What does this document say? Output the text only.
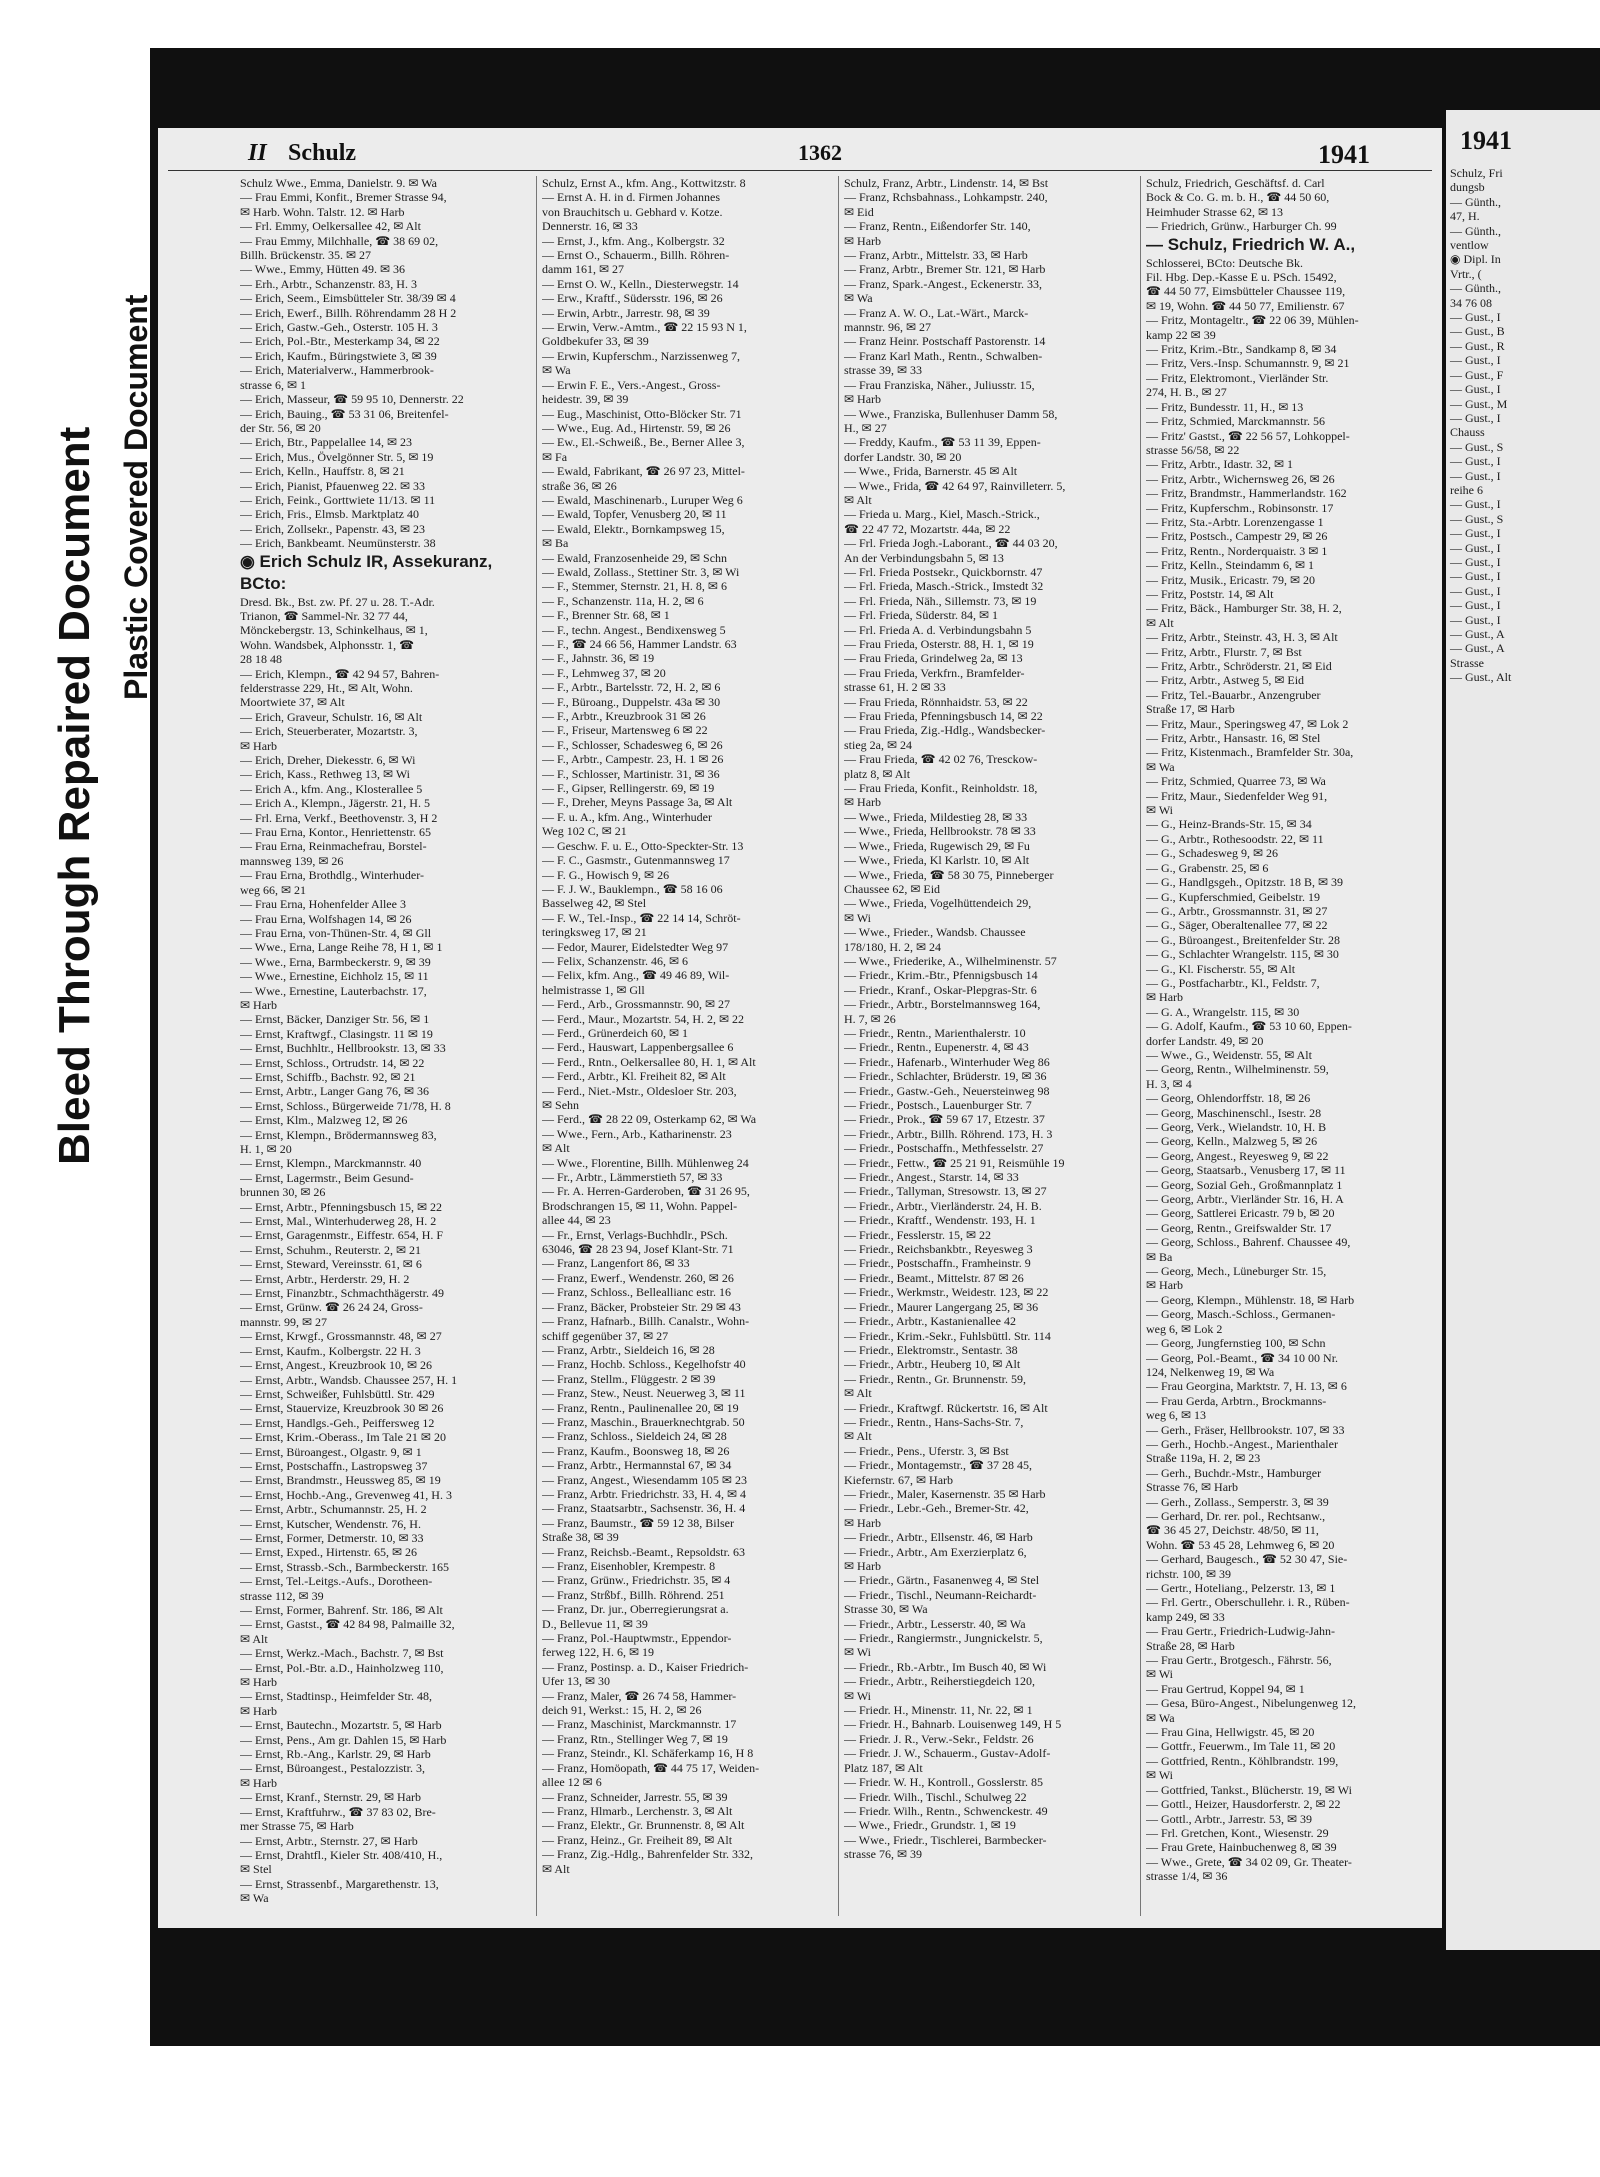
Bleed Through Repaired Document Plastic Covered Document
II Schulz	1362	1941

Schulz Wwe., Emma, Danielstr. 9. ✉ Wa

— Frau Emmi, Konfit., Bremer Strasse 94,

✉ Harb. Wohn. Talstr. 12. ✉ Harb

— Frl. Emmy, Oelkersallee 42, ✉ Alt

— Frau Emmy, Milchhalle, ☎ 38 69 02,

Billh. Brückenstr. 35. ✉ 27

— Wwe., Emmy, Hütten 49. ✉ 36

— Erh., Arbtr., Schanzenstr. 83, H. 3

— Erich, Seem., Eimsbütteler Str. 38/39 ✉ 4

— Erich, Ewerf., Billh. Röhrendamm 28 H 2

— Erich, Gastw.-Geh., Osterstr. 105 H. 3

— Erich, Pol.-Btr., Mesterkamp 34, ✉ 22

— Erich, Kaufm., Büringstwiete 3, ✉ 39

— Erich, Materialverw., Hammerbrook-

strasse 6, ✉ 1

— Erich, Masseur, ☎ 59 95 10, Dennerstr. 22

— Erich, Bauing., ☎ 53 31 06, Breitenfel-

der Str. 56, ✉ 20

— Erich, Btr., Pappelallee 14, ✉ 23

— Erich, Mus., Övelgönner Str. 5, ✉ 19

— Erich, Kelln., Hauffstr. 8, ✉ 21

— Erich, Pianist, Pfauenweg 22. ✉ 33

— Erich, Feink., Gorttwiete 11/13. ✉ 11

— Erich, Fris., Elmsb. Marktplatz 40

— Erich, Zollsekr., Papenstr. 43, ✉ 23

— Erich, Bankbeamt. Neumünsterstr. 38

◉ Erich Schulz IR, Assekuranz, BCto:

Dresd. Bk., Bst. zw. Pf. 27 u. 28. T.-Adr.

Trianon, ☎ Sammel-Nr. 32 77 44,

Mönckebergstr. 13, Schinkelhaus, ✉ 1,

Wohn. Wandsbek, Alphonsstr. 1, ☎

28 18 48

— Erich, Klempn., ☎ 42 94 57, Bahren-

felderstrasse 229, Ht., ✉ Alt, Wohn.

Moortwiete 37, ✉ Alt

— Erich, Graveur, Schulstr. 16, ✉ Alt

— Erich, Steuerberater, Mozartstr. 3,

✉ Harb

— Erich, Dreher, Diekesstr. 6, ✉ Wi

— Erich, Kass., Rethweg 13, ✉ Wi

— Erich A., kfm. Ang., Klosterallee 5

— Erich A., Klempn., Jägerstr. 21, H. 5

— Frl. Erna, Verkf., Beethovenstr. 3, H 2

— Frau Erna, Kontor., Henriettenstr. 65

— Frau Erna, Reinmachefrau, Borstel-

mannsweg 139, ✉ 26

— Frau Erna, Brothdlg., Winterhuder-

weg 66, ✉ 21

— Frau Erna, Hohenfelder Allee 3

— Frau Erna, Wolfshagen 14, ✉ 26

— Frau Erna, von-Thünen-Str. 4, ✉ Gll

— Wwe., Erna, Lange Reihe 78, H 1, ✉ 1

— Wwe., Erna, Barmbeckerstr. 9, ✉ 39

— Wwe., Ernestine, Eichholz 15, ✉ 11

— Wwe., Ernestine, Lauterbachstr. 17,

✉ Harb

— Ernst, Bäcker, Danziger Str. 56, ✉ 1

— Ernst, Kraftwgf., Clasingstr. 11 ✉ 19

— Ernst, Buchhltr., Hellbrookstr. 13, ✉ 33

— Ernst, Schloss., Ortrudstr. 14, ✉ 22

— Ernst, Schiffb., Bachstr. 92, ✉ 21

— Ernst, Arbtr., Langer Gang 76, ✉ 36

— Ernst, Schloss., Bürgerweide 71/78, H. 8

— Ernst, Klm., Malzweg 12, ✉ 26

— Ernst, Klempn., Brödermannsweg 83,

H. 1, ✉ 20

— Ernst, Klempn., Marckmannstr. 40

— Ernst, Lagermstr., Beim Gesund-

brunnen 30, ✉ 26

— Ernst, Arbtr., Pfenningsbusch 15, ✉ 22

— Ernst, Mal., Winterhuderweg 28, H. 2

— Ernst, Garagenmstr., Eiffestr. 654, H. F

— Ernst, Schuhm., Reuterstr. 2, ✉ 21

— Ernst, Steward, Vereinsstr. 61, ✉ 6

— Ernst, Arbtr., Herderstr. 29, H. 2

— Ernst, Finanzbtr., Schmachthägerstr. 49

— Ernst, Grünw. ☎ 26 24 24, Gross-

mannstr. 99, ✉ 27

— Ernst, Krwgf., Grossmannstr. 48, ✉ 27

— Ernst, Kaufm., Kolbergstr. 22 H. 3

— Ernst, Angest., Kreuzbrook 10, ✉ 26

— Ernst, Arbtr., Wandsb. Chaussee 257, H. 1

— Ernst, Schweißer, Fuhlsbüttl. Str. 429

— Ernst, Stauervize, Kreuzbrook 30 ✉ 26

— Ernst, Handlgs.-Geh., Peiffersweg 12

— Ernst, Krim.-Oberass., Im Tale 21 ✉ 20

— Ernst, Büroangest., Olgastr. 9, ✉ 1

— Ernst, Postschaffn., Lastropsweg 37

— Ernst, Brandmstr., Heussweg 85, ✉ 19

— Ernst, Hochb.-Ang., Grevenweg 41, H. 3

— Ernst, Arbtr., Schumannstr. 25, H. 2

— Ernst, Kutscher, Wendenstr. 76, H.

— Ernst, Former, Detmerstr. 10, ✉ 33

— Ernst, Exped., Hirtenstr. 65, ✉ 26

— Ernst, Strassb.-Sch., Barmbeckerstr. 165

— Ernst, Tel.-Leitgs.-Aufs., Dorotheen-

strasse 112, ✉ 39

— Ernst, Former, Bahrenf. Str. 186, ✉ Alt

— Ernst, Gastst., ☎ 42 84 98, Palmaille 32,

✉ Alt

— Ernst, Werkz.-Mach., Bachstr. 7, ✉ Bst

— Ernst, Pol.-Btr. a.D., Hainholzweg 110,

✉ Harb

— Ernst, Stadtinsp., Heimfelder Str. 48,

✉ Harb

— Ernst, Bautechn., Mozartstr. 5, ✉ Harb

— Ernst, Pens., Am gr. Dahlen 15, ✉ Harb

— Ernst, Rb.-Ang., Karlstr. 29, ✉ Harb

— Ernst, Büroangest., Pestalozzistr. 3,

✉ Harb

— Ernst, Kranf., Sternstr. 29, ✉ Harb

— Ernst, Kraftfuhrw., ☎ 37 83 02, Bre-

mer Strasse 75, ✉ Harb

— Ernst, Arbtr., Sternstr. 27, ✉ Harb

— Ernst, Drahtfl., Kieler Str. 408/410, H.,

✉ Stel

— Ernst, Strassenbf., Margarethenstr. 13,

✉ Wa

Schulz, Ernst A., kfm. Ang., Kottwitzstr. 8

— Ernst A. H. in d. Firmen Johannes

von Brauchitsch u. Gebhard v. Kotze.

Dennerstr. 16, ✉ 33

— Ernst, J., kfm. Ang., Kolbergstr. 32

— Ernst O., Schauerm., Billh. Röhren-

damm 161, ✉ 27

— Ernst O. W., Kelln., Diesterwegstr. 14

— Erw., Kraftf., Südersstr. 196, ✉ 26

— Erwin, Arbtr., Jarrestr. 98, ✉ 39

— Erwin, Verw.-Amtm., ☎ 22 15 93 N 1,

Goldbekufer 33, ✉ 39

— Erwin, Kupferschm., Narzissenweg 7,

✉ Wa

— Erwin F. E., Vers.-Angest., Gross-

heidestr. 39, ✉ 39

— Eug., Maschinist, Otto-Blöcker Str. 71

— Wwe., Eug. Ad., Hirtenstr. 59, ✉ 26

— Ew., El.-Schweiß., Be., Berner Allee 3,

✉ Fa

— Ewald, Fabrikant, ☎ 26 97 23, Mittel-

straße 36, ✉ 26

— Ewald, Maschinenarb., Luruper Weg 6

— Ewald, Topfer, Venusberg 20, ✉ 11

— Ewald, Elektr., Bornkampsweg 15,

✉ Ba

— Ewald, Franzosenheide 29, ✉ Schn

— Ewald, Zollass., Stettiner Str. 3, ✉ Wi

— F., Stemmer, Sternstr. 21, H. 8, ✉ 6

— F., Schanzenstr. 11a, H. 2, ✉ 6

— F., Brenner Str. 68, ✉ 1

— F., techn. Angest., Bendixensweg 5

— F., ☎ 24 66 56, Hammer Landstr. 63

— F., Jahnstr. 36, ✉ 19

— F., Lehmweg 37, ✉ 20

— F., Arbtr., Bartelsstr. 72, H. 2, ✉ 6

— F., Büroang., Duppelstr. 43a ✉ 30

— F., Arbtr., Kreuzbrook 31 ✉ 26

— F., Friseur, Martensweg 6 ✉ 22

— F., Schlosser, Schadesweg 6, ✉ 26

— F., Arbtr., Campestr. 23, H. 1 ✉ 26

— F., Schlosser, Martinistr. 31, ✉ 36

— F., Gipser, Rellingerstr. 69, ✉ 19

— F., Dreher, Meyns Passage 3a, ✉ Alt

— F. u. A., kfm. Ang., Winterhuder

Weg 102 C, ✉ 21

— Geschw. F. u. E., Otto-Speckter-Str. 13

— F. C., Gasmstr., Gutenmannsweg 17

— F. G., Howisch 9, ✉ 26

— F. J. W., Bauklempn., ☎ 58 16 06

Basselweg 42, ✉ Stel

— F. W., Tel.-Insp., ☎ 22 14 14, Schröt-

teringksweg 17, ✉ 21

— Fedor, Maurer, Eidelstedter Weg 97

— Felix, Schanzenstr. 46, ✉ 6

— Felix, kfm. Ang., ☎ 49 46 89, Wil-

helmistrasse 1, ✉ Gll

— Ferd., Arb., Grossmannstr. 90, ✉ 27

— Ferd., Maur., Mozartstr. 54, H. 2, ✉ 22

— Ferd., Grünerdeich 60, ✉ 1

— Ferd., Hauswart, Lappenbergsallee 6

— Ferd., Rntn., Oelkersallee 80, H. 1, ✉ Alt

— Ferd., Arbtr., Kl. Freiheit 82, ✉ Alt

— Ferd., Niet.-Mstr., Oldesloer Str. 203,

✉ Sehn

— Ferd., ☎ 28 22 09, Osterkamp 62, ✉ Wa

— Wwe., Fern., Arb., Katharinenstr. 23

✉ Alt

— Wwe., Florentine, Billh. Mühlenweg 24

— Fr., Arbtr., Lämmerstieth 57, ✉ 33

— Fr. A. Herren-Garderoben, ☎ 31 26 95,

Brodschrangen 15, ✉ 11, Wohn. Pappel-

allee 44, ✉ 23

— Fr., Ernst, Verlags-Buchhdlr., PSch.

63046, ☎ 28 23 94, Josef Klant-Str. 71

— Franz, Langenfort 86, ✉ 33

— Franz, Ewerf., Wendenstr. 260, ✉ 26

— Franz, Schloss., Belleallianc estr. 16

— Franz, Bäcker, Probsteier Str. 29 ✉ 43

— Franz, Hafnarb., Billh. Canalstr., Wohn-

schiff gegenüber 37, ✉ 27

— Franz, Arbtr., Sieldeich 16, ✉ 28

— Franz, Hochb. Schloss., Kegelhofstr 40

— Franz, Stellm., Flüggestr. 2 ✉ 39

— Franz, Stew., Neust. Neuerweg 3, ✉ 11

— Franz, Rentn., Paulinenallee 20, ✉ 19

— Franz, Maschin., Brauerknechtgrab. 50

— Franz, Schloss., Sieldeich 24, ✉ 28

— Franz, Kaufm., Boonsweg 18, ✉ 26

— Franz, Arbtr., Hermannstal 67, ✉ 34

— Franz, Angest., Wiesendamm 105 ✉ 23

— Franz, Arbtr. Friedrichstr. 33, H. 4, ✉ 4

— Franz, Staatsarbtr., Sachsenstr. 36, H. 4

— Franz, Baumstr., ☎ 59 12 38, Bilser

Straße 38, ✉ 39

— Franz, Reichsb.-Beamt., Repsoldstr. 63

— Franz, Eisenhobler, Krempestr. 8

— Franz, Grünw., Friedrichstr. 35, ✉ 4

— Franz, Strßbf., Billh. Röhrend. 251

— Franz, Dr. jur., Oberregierungsrat a.

D., Bellevue 11, ✉ 39

— Franz, Pol.-Hauptwmstr., Eppendor-

ferweg 122, H. 6, ✉ 19

— Franz, Postinsp. a. D., Kaiser Friedrich-

Ufer 13, ✉ 30

— Franz, Maler, ☎ 26 74 58, Hammer-

deich 91, Werkst.: 15, H. 2, ✉ 26

— Franz, Maschinist, Marckmannstr. 17

— Franz, Rtn., Stellinger Weg 7, ✉ 19

— Franz, Steindr., Kl. Schäferkamp 16, H 8

— Franz, Homöopath, ☎ 44 75 17, Weiden-

allee 12 ✉ 6

— Franz, Schneider, Jarrestr. 55, ✉ 39

— Franz, Hlmarb., Lerchenstr. 3, ✉ Alt

— Franz, Elektr., Gr. Brunnenstr. 8, ✉ Alt

— Franz, Heinz., Gr. Freiheit 89, ✉ Alt

— Franz, Zig.-Hdlg., Bahrenfelder Str. 332,

✉ Alt

Schulz, Franz, Arbtr., Lindenstr. 14, ✉ Bst

— Franz, Rchsbahnass., Lohkampstr. 240,

✉ Eid

— Franz, Rentn., Eißendorfer Str. 140,

✉ Harb

— Franz, Arbtr., Mittelstr. 33, ✉ Harb

— Franz, Arbtr., Bremer Str. 121, ✉ Harb

— Franz, Spark.-Angest., Eckenerstr. 33,

✉ Wa

— Franz A. W. O., Lat.-Wärt., Marck-

mannstr. 96, ✉ 27

— Franz Heinr. Postschaff Pastorenstr. 14

— Franz Karl Math., Rentn., Schwalben-

strasse 39, ✉ 33

— Frau Franziska, Näher., Juliusstr. 15,

✉ Harb

— Wwe., Franziska, Bullenhuser Damm 58,

H., ✉ 27

— Freddy, Kaufm., ☎ 53 11 39, Eppen-

dorfer Landstr. 30, ✉ 20

— Wwe., Frida, Barnerstr. 45 ✉ Alt

— Wwe., Frida, ☎ 42 64 97, Rainvilleterr. 5,

✉ Alt

— Frieda u. Marg., Kiel, Masch.-Strick.,

☎ 22 47 72, Mozartstr. 44a, ✉ 22

— Frl. Frieda Jogh.-Laborant., ☎ 44 03 20,

An der Verbindungsbahn 5, ✉ 13

— Frl. Frieda Postsekr., Quickbornstr. 47

— Frl. Frieda, Masch.-Strick., Imstedt 32

— Frl. Frieda, Näh., Sillemstr. 73, ✉ 19

— Frl. Frieda, Süderstr. 84, ✉ 1

— Frl. Frieda A. d. Verbindungsbahn 5

— Frau Frieda, Osterstr. 88, H. 1, ✉ 19

— Frau Frieda, Grindelweg 2a, ✉ 13

— Frau Frieda, Verkfrn., Bramfelder-

strasse 61, H. 2 ✉ 33

— Frau Frieda, Rönnhaidstr. 53, ✉ 22

— Frau Frieda, Pfenningsbusch 14, ✉ 22

— Frau Frieda, Zig.-Hdlg., Wandsbecker-

stieg 2a, ✉ 24

— Frau Frieda, ☎ 42 02 76, Tresckow-

platz 8, ✉ Alt

— Frau Frieda, Konfit., Reinholdstr. 18,

✉ Harb

— Wwe., Frieda, Mildestieg 28, ✉ 33

— Wwe., Frieda, Hellbrookstr. 78 ✉ 33

— Wwe., Frieda, Rugewisch 29, ✉ Fu

— Wwe., Frieda, Kl Karlstr. 10, ✉ Alt

— Wwe., Frieda, ☎ 58 30 75, Pinneberger

Chaussee 62, ✉ Eid

— Wwe., Frieda, Vogelhüttendeich 29,

✉ Wi

— Wwe., Frieder., Wandsb. Chaussee

178/180, H. 2, ✉ 24

— Wwe., Friederike, A., Wilhelminenstr. 57

— Friedr., Krim.-Btr., Pfennigsbusch 14

— Friedr., Kranf., Oskar-Plepgras-Str. 6

— Friedr., Arbtr., Borstelmannsweg 164,

H. 7, ✉ 26

— Friedr., Rentn., Marienthalerstr. 10

— Friedr., Rentn., Eupenerstr. 4, ✉ 43

— Friedr., Hafenarb., Winterhuder Weg 86

— Friedr., Schlachter, Brüderstr. 19, ✉ 36

— Friedr., Gastw.-Geh., Neuersteinweg 98

— Friedr., Postsch., Lauenburger Str. 7

— Friedr., Prok., ☎ 59 67 17, Etzestr. 37

— Friedr., Arbtr., Billh. Röhrend. 173, H. 3

— Friedr., Postschaffn., Methfesselstr. 27

— Friedr., Fettw., ☎ 25 21 91, Reismühle 19

— Friedr., Angest., Starstr. 14, ✉ 33

— Friedr., Tallyman, Stresowstr. 13, ✉ 27

— Friedr., Arbtr., Vierländerstr. 24, H. B.

— Friedr., Kraftf., Wendenstr. 193, H. 1

— Friedr., Fesslerstr. 15, ✉ 22

— Friedr., Reichsbankbtr., Reyesweg 3

— Friedr., Postschaffn., Framheinstr. 9

— Friedr., Beamt., Mittelstr. 87 ✉ 26

— Friedr., Werkmstr., Weidestr. 123, ✉ 22

— Friedr., Maurer Langergang 25, ✉ 36

— Friedr., Arbtr., Kastanienallee 42

— Friedr., Krim.-Sekr., Fuhlsbüttl. Str. 114

— Friedr., Elektromstr., Sentastr. 38

— Friedr., Arbtr., Heuberg 10, ✉ Alt

— Friedr., Rentn., Gr. Brunnenstr. 59,

✉ Alt

— Friedr., Kraftwgf. Rückertstr. 16, ✉ Alt

— Friedr., Rentn., Hans-Sachs-Str. 7,

✉ Alt

— Friedr., Pens., Uferstr. 3, ✉ Bst

— Friedr., Montagemstr., ☎ 37 28 45,

Kiefernstr. 67, ✉ Harb

— Friedr., Maler, Kasernenstr. 35 ✉ Harb

— Friedr., Lebr.-Geh., Bremer-Str. 42,

✉ Harb

— Friedr., Arbtr., Ellsenstr. 46, ✉ Harb

— Friedr., Arbtr., Am Exerzierplatz 6,

✉ Harb

— Friedr., Gärtn., Fasanenweg 4, ✉ Stel

— Friedr., Tischl., Neumann-Reichardt-

Strasse 30, ✉ Wa

— Friedr., Arbtr., Lesserstr. 40, ✉ Wa

— Friedr., Rangiermstr., Jungnickelstr. 5,

✉ Wi

— Friedr., Rb.-Arbtr., Im Busch 40, ✉ Wi

— Friedr., Arbtr., Reiherstiegdeich 120,

✉ Wi

— Friedr. H., Minenstr. 11, Nr. 22, ✉ 1

— Friedr. H., Bahnarb. Louisenweg 149, H 5

— Friedr. J. R., Verw.-Sekr., Feldstr. 26

— Friedr. J. W., Schauerm., Gustav-Adolf-

Platz 187, ✉ Alt

— Friedr. W. H., Kontroll., Gosslerstr. 85

— Friedr. Wilh., Tischl., Schulweg 22

— Friedr. Wilh., Rentn., Schwenckestr. 49

— Wwe., Friedr., Grundstr. 1, ✉ 19

— Wwe., Friedr., Tischlerei, Barmbecker-

strasse 76, ✉ 39

Schulz, Friedrich, Geschäftsf. d. Carl

Bock & Co. G. m. b. H., ☎ 44 50 60,

Heimhuder Strasse 62, ✉ 13

— Friedrich, Grünw., Harburger Ch. 99

— Schulz, Friedrich W. A.,

Schlosserei, BCto: Deutsche Bk.

Fil. Hbg. Dep.-Kasse E u. PSch. 15492,

☎ 44 50 77, Eimsbütteler Chaussee 119,

✉ 19, Wohn. ☎ 44 50 77, Emilienstr. 67

— Fritz, Montageltr., ☎ 22 06 39, Mühlen-

kamp 22 ✉ 39

— Fritz, Krim.-Btr., Sandkamp 8, ✉ 34

— Fritz, Vers.-Insp. Schumannstr. 9, ✉ 21

— Fritz, Elektromont., Vierländer Str.

274, H. B., ✉ 27

— Fritz, Bundesstr. 11, H., ✉ 13

— Fritz, Schmied, Marckmannstr. 56

— Fritz' Gastst., ☎ 22 56 57, Lohkoppel-

strasse 56/58, ✉ 22

— Fritz, Arbtr., Idastr. 32, ✉ 1

— Fritz, Arbtr., Wichernsweg 26, ✉ 26

— Fritz, Brandmstr., Hammerlandstr. 162

— Fritz, Kupferschm., Robinsonstr. 17

— Fritz, Sta.-Arbtr. Lorenzengasse 1

— Fritz, Postsch., Campestr 29, ✉ 26

— Fritz, Rentn., Norderquaistr. 3 ✉ 1

— Fritz, Kelln., Steindamm 6, ✉ 1

— Fritz, Musik., Ericastr. 79, ✉ 20

— Fritz, Poststr. 14, ✉ Alt

— Fritz, Bäck., Hamburger Str. 38, H. 2,

✉ Alt

— Fritz, Arbtr., Steinstr. 43, H. 3, ✉ Alt

— Fritz, Arbtr., Flurstr. 7, ✉ Bst

— Fritz, Arbtr., Schröderstr. 21, ✉ Eid

— Fritz, Arbtr., Astweg 5, ✉ Eid

— Fritz, Tel.-Bauarbr., Anzengruber

Straße 17, ✉ Harb

— Fritz, Maur., Speringsweg 47, ✉ Lok 2

— Fritz, Arbtr., Hansastr. 16, ✉ Stel

— Fritz, Kistenmach., Bramfelder Str. 30a,

✉ Wa

— Fritz, Schmied, Quarree 73, ✉ Wa

— Fritz, Maur., Siedenfelder Weg 91,

✉ Wi

— G., Heinz-Brands-Str. 15, ✉ 34

— G., Arbtr., Rothesoodstr. 22, ✉ 11

— G., Schadesweg 9, ✉ 26

— G., Grabenstr. 25, ✉ 6

— G., Handlgsgeh., Opitzstr. 18 B, ✉ 39

— G., Kupferschmied, Geibelstr. 19

— G., Arbtr., Grossmannstr. 31, ✉ 27

— G., Säger, Oberaltenallee 77, ✉ 22

— G., Büroangest., Breitenfelder Str. 28

— G., Schlachter Wrangelstr. 115, ✉ 30

— G., Kl. Fischerstr. 55, ✉ Alt

— G., Postfacharbtr., Kl., Feldstr. 7,

✉ Harb

— G. A., Wrangelstr. 115, ✉ 30

— G. Adolf, Kaufm., ☎ 53 10 60, Eppen-

dorfer Landstr. 49, ✉ 20

— Wwe., G., Weidenstr. 55, ✉ Alt

— Georg, Rentn., Wilhelminenstr. 59,

H. 3, ✉ 4

— Georg, Ohlendorffstr. 18, ✉ 26

— Georg, Maschinenschl., Isestr. 28

— Georg, Verk., Wielandstr. 10, H. B

— Georg, Kelln., Malzweg 5, ✉ 26

— Georg, Angest., Reyesweg 9, ✉ 22

— Georg, Staatsarb., Venusberg 17, ✉ 11

— Georg, Sozial Geh., Großmannplatz 1

— Georg, Arbtr., Vierländer Str. 16, H. A

— Georg, Sattlerei Ericastr. 79 b, ✉ 20

— Georg, Rentn., Greifswalder Str. 17

— Georg, Schloss., Bahrenf. Chaussee 49,

✉ Ba

— Georg, Mech., Lüneburger Str. 15,

✉ Harb

— Georg, Klempn., Mühlenstr. 18, ✉ Harb

— Georg, Masch.-Schloss., Germanen-

weg 6, ✉ Lok 2

— Georg, Jungfernstieg 100, ✉ Schn

— Georg, Pol.-Beamt., ☎ 34 10 00 Nr.

124, Nelkenweg 19, ✉ Wa

— Frau Georgina, Marktstr. 7, H. 13, ✉ 6

— Frau Gerda, Arbtrn., Brockmanns-

weg 6, ✉ 13

— Gerh., Fräser, Hellbrookstr. 107, ✉ 33

— Gerh., Hochb.-Angest., Marienthaler

Straße 119a, H. 2, ✉ 23

— Gerh., Buchdr.-Mstr., Hamburger

Strasse 76, ✉ Harb

— Gerh., Zollass., Semperstr. 3, ✉ 39

— Gerhard, Dr. rer. pol., Rechtsanw.,

☎ 36 45 27, Deichstr. 48/50, ✉ 11,

Wohn. ☎ 53 45 28, Lehmweg 6, ✉ 20

— Gerhard, Baugesch., ☎ 52 30 47, Sie-

richstr. 100, ✉ 39

— Gertr., Hoteliang., Pelzerstr. 13, ✉ 1

— Frl. Gertr., Oberschullehr. i. R., Rüben-

kamp 249, ✉ 33

— Frau Gertr., Friedrich-Ludwig-Jahn-

Straße 28, ✉ Harb

— Frau Gertr., Brotgesch., Fährstr. 56,

✉ Wi

— Frau Gertrud, Koppel 94, ✉ 1

— Gesa, Büro-Angest., Nibelungenweg 12,

✉ Wa

— Frau Gina, Hellwigstr. 45, ✉ 20

— Gottfr., Feuerwm., Im Tale 11, ✉ 20

— Gottfried, Rentn., Köhlbrandstr. 199,

✉ Wi

— Gottfried, Tankst., Blücherstr. 19, ✉ Wi

— Gottl., Heizer, Hausdorferstr. 2, ✉ 22

— Gottl., Arbtr., Jarrestr. 53, ✉ 39

— Frl. Gretchen, Kont., Wiesenstr. 29

— Frau Grete, Hainbuchenweg 8, ✉ 39

— Wwe., Grete, ☎ 34 02 09, Gr. Theater-

strasse 1/4, ✉ 36

1941

Schulz, Fri

dungsb

— Günth.,

47, H.

— Günth.,

ventlow

◉ Dipl. In

Vrtr., (

— Günth.,

34 76 08

— Gust., I

— Gust., B

— Gust., R

— Gust., I

— Gust., F

— Gust., I

— Gust., M

— Gust., I

Chauss

— Gust., S

— Gust., I

— Gust., I

reihe 6

— Gust., I

— Gust., S

— Gust., I

— Gust., I

— Gust., I

— Gust., I

— Gust., I

— Gust., I

— Gust., I

— Gust., A

— Gust., A

Strasse

— Gust., Alt
